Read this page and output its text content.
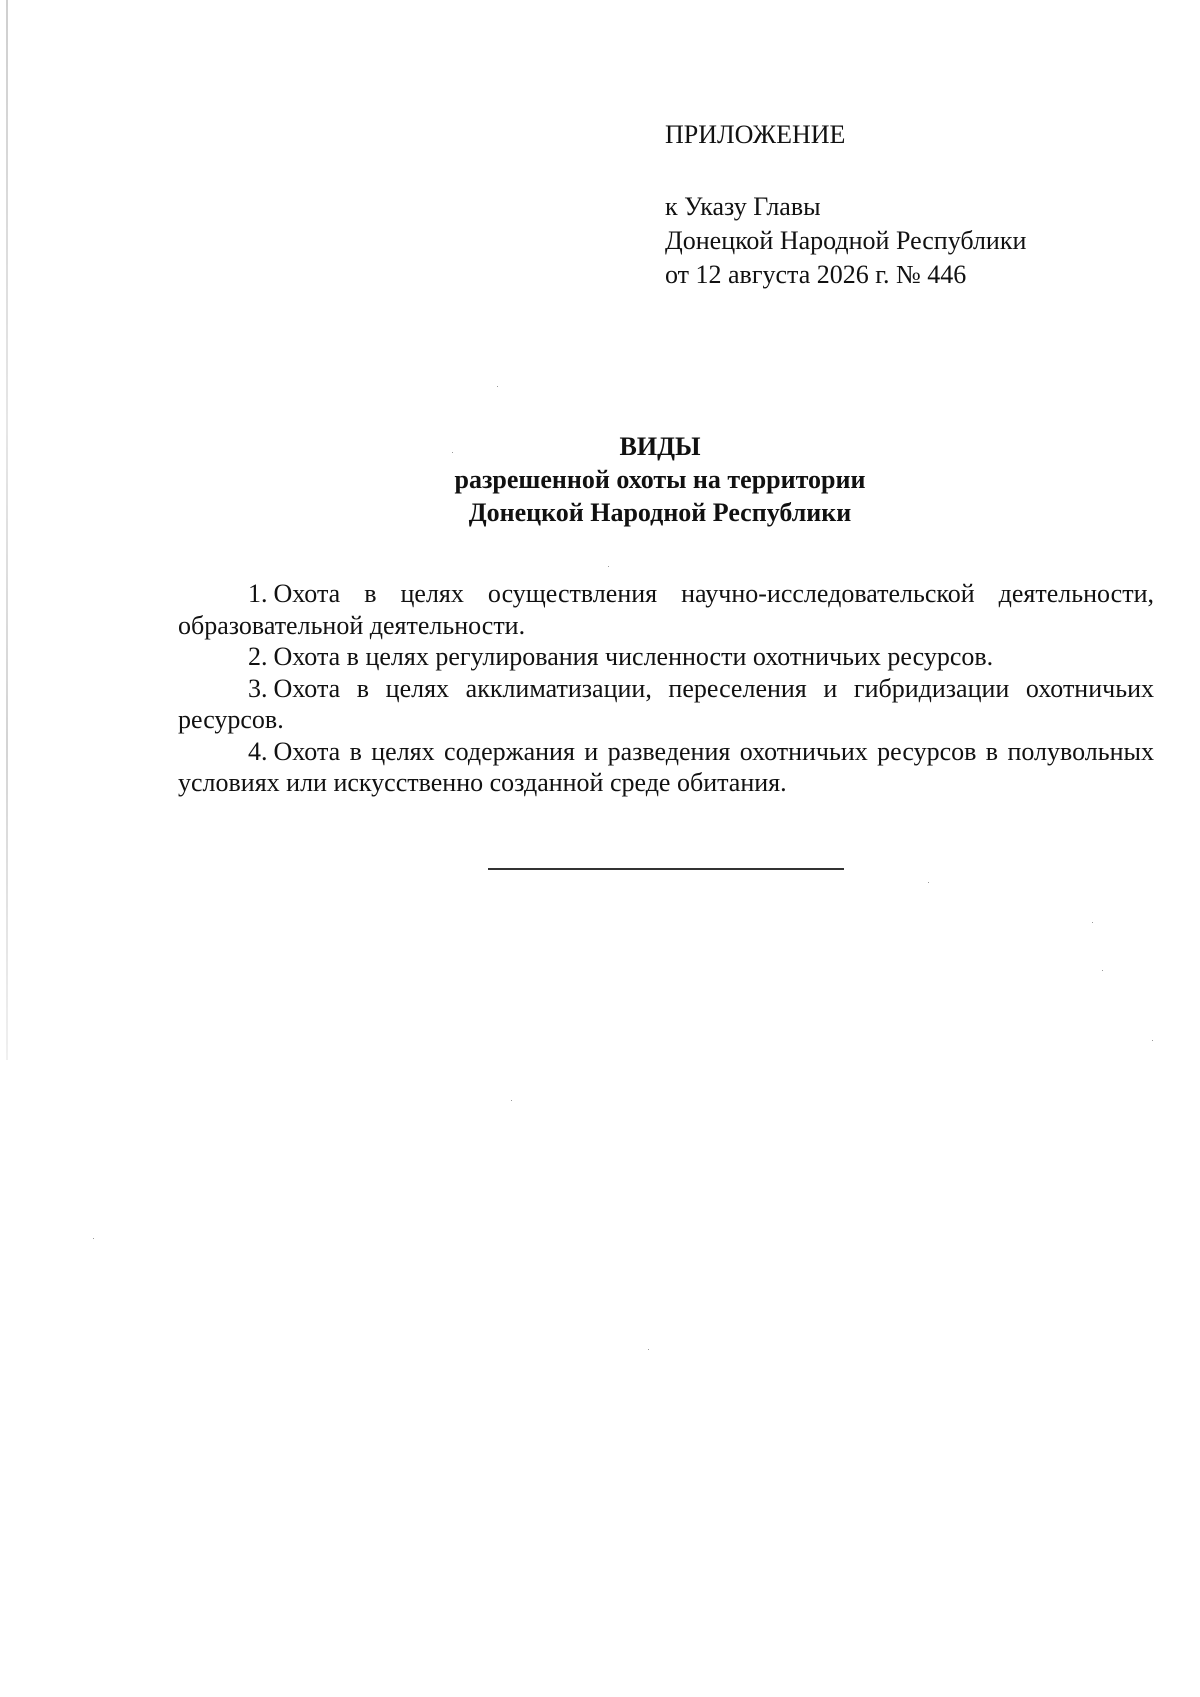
ПРИЛОЖЕНИЕ
к Указу Главы
Донецкой Народной Республики
от 12 августа 2026 г. № 446
ВИДЫ
разрешенной охоты на территории
Донецкой Народной Республики

1. Охота в целях осуществления научно-исследовательской деятельности, образовательной деятельности.

2. Охота в целях регулирования численности охотничьих ресурсов.

3. Охота в целях акклиматизации, переселения и гибридизации охотничьих ресурсов.

4. Охота в целях содержания и разведения охотничьих ресурсов в полувольных условиях или искусственно созданной среде обитания.
